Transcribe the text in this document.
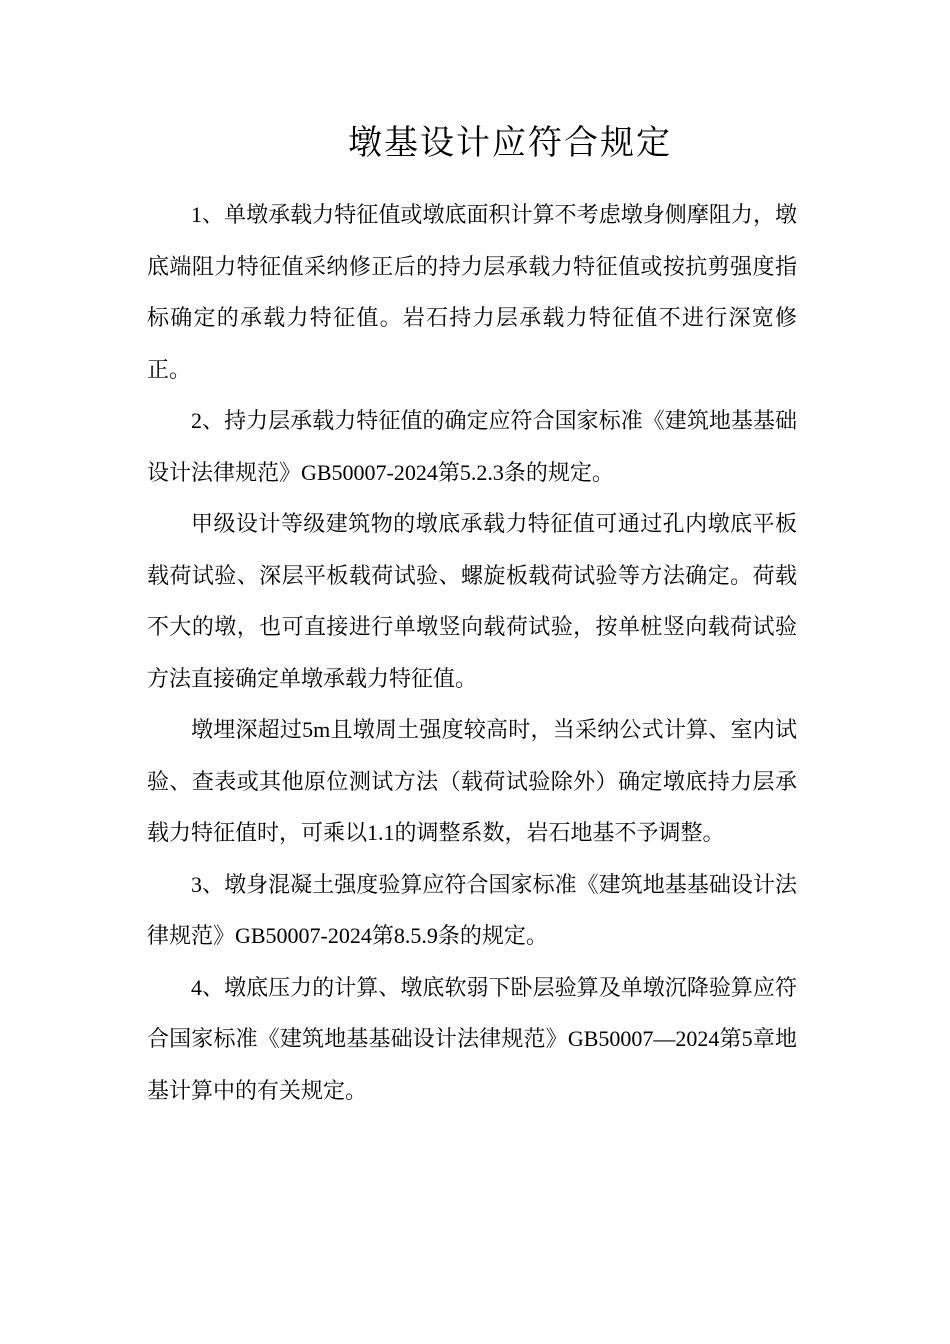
墩基设计应符合规定

1、单墩承载力特征值或墩底面积计算不考虑墩身侧摩阻力，墩底端阻力特征值采纳修正后的持力层承载力特征值或按抗剪强度指标确定的承载力特征值。岩石持力层承载力特征值不进行深宽修正。

2、持力层承载力特征值的确定应符合国家标准《建筑地基基础设计法律规范》GB50007-2024第5.2.3条的规定。

甲级设计等级建筑物的墩底承载力特征值可通过孔内墩底平板载荷试验、深层平板载荷试验、螺旋板载荷试验等方法确定。荷载不大的墩，也可直接进行单墩竖向载荷试验，按单桩竖向载荷试验方法直接确定单墩承载力特征值。

墩埋深超过5m且墩周土强度较高时，当采纳公式计算、室内试验、查表或其他原位测试方法（载荷试验除外）确定墩底持力层承载力特征值时，可乘以1.1的调整系数，岩石地基不予调整。

3、墩身混凝土强度验算应符合国家标准《建筑地基基础设计法律规范》GB50007-2024第8.5.9条的规定。

4、墩底压力的计算、墩底软弱下卧层验算及单墩沉降验算应符合国家标准《建筑地基基础设计法律规范》GB50007—2024第5章地基计算中的有关规定。
